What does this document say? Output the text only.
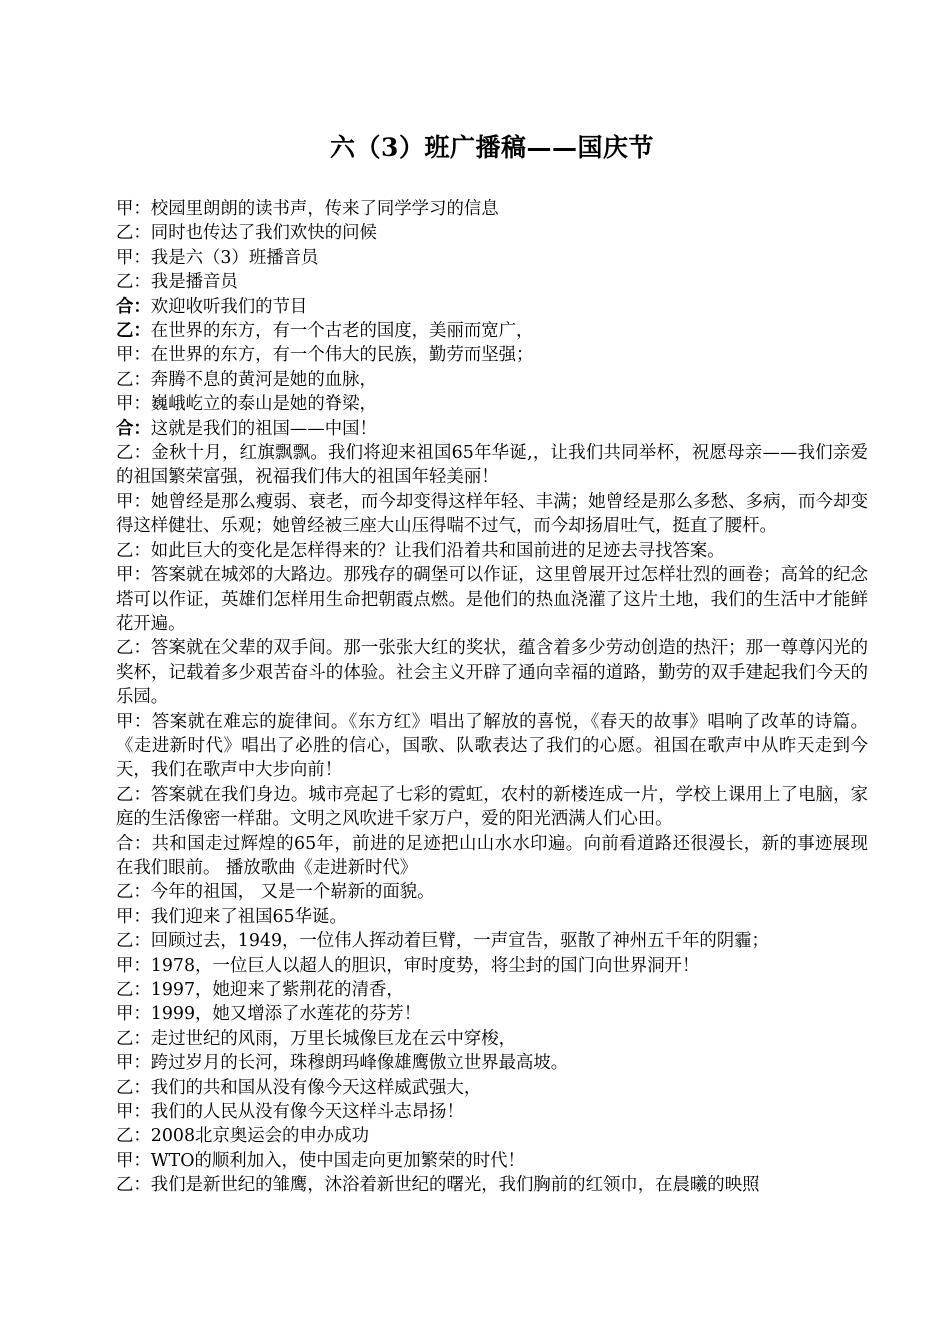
六（3）班广播稿——国庆节

甲：校园里朗朗的读书声，传来了同学学习的信息

乙：同时也传达了我们欢快的问候

甲：我是六（3）班播音员

乙：我是播音员

合：欢迎收听我们的节目

乙：在世界的东方，有一个古老的国度，美丽而宽广，

甲：在世界的东方，有一个伟大的民族，勤劳而坚强；

乙：奔腾不息的黄河是她的血脉，

甲：巍峨屹立的泰山是她的脊梁，

合：这就是我们的祖国——中国！

乙：金秋十月，红旗飘飘。我们将迎来祖国65年华诞,，让我们共同举杯，祝愿母亲——我们亲爱的祖国繁荣富强，祝福我们伟大的祖国年轻美丽！

甲：她曾经是那么瘦弱、衰老，而今却变得这样年轻、丰满；她曾经是那么多愁、多病，而今却变得这样健壮、乐观；她曾经被三座大山压得喘不过气，而今却扬眉吐气，挺直了腰杆。

乙：如此巨大的变化是怎样得来的？让我们沿着共和国前进的足迹去寻找答案。

甲：答案就在城郊的大路边。那残存的碉堡可以作证，这里曾展开过怎样壮烈的画卷；高耸的纪念塔可以作证，英雄们怎样用生命把朝霞点燃。是他们的热血浇灌了这片土地，我们的生活中才能鲜花开遍。

乙：答案就在父辈的双手间。那一张张大红的奖状，蕴含着多少劳动创造的热汗；那一尊尊闪光的奖杯，记载着多少艰苦奋斗的体验。社会主义开辟了通向幸福的道路，勤劳的双手建起我们今天的乐园。

甲：答案就在难忘的旋律间。《东方红》唱出了解放的喜悦，《春天的故事》唱响了改革的诗篇。《走进新时代》唱出了必胜的信心，国歌、队歌表达了我们的心愿。祖国在歌声中从昨天走到今天，我们在歌声中大步向前！

乙：答案就在我们身边。城市亮起了七彩的霓虹，农村的新楼连成一片，学校上课用上了电脑，家庭的生活像密一样甜。文明之风吹进千家万户，爱的阳光洒满人们心田。

合：共和国走过辉煌的65年，前进的足迹把山山水水印遍。向前看道路还很漫长，新的事迹展现在我们眼前。 播放歌曲《走进新时代》

乙：今年的祖国， 又是一个崭新的面貌。

甲：我们迎来了祖国65华诞。

乙：回顾过去，1949，一位伟人挥动着巨臂，一声宣告，驱散了神州五千年的阴霾；

甲：1978，一位巨人以超人的胆识，审时度势，将尘封的国门向世界洞开！

乙：1997，她迎来了紫荆花的清香，

甲：1999，她又增添了水莲花的芬芳！

乙：走过世纪的风雨，万里长城像巨龙在云中穿梭，

甲：跨过岁月的长河，珠穆朗玛峰像雄鹰傲立世界最高坡。

乙：我们的共和国从没有像今天这样威武强大，

甲：我们的人民从没有像今天这样斗志昂扬！

乙：2008北京奥运会的申办成功

甲：WTO的顺利加入，使中国走向更加繁荣的时代！

乙：我们是新世纪的雏鹰，沐浴着新世纪的曙光，我们胸前的红领巾，在晨曦的映照
